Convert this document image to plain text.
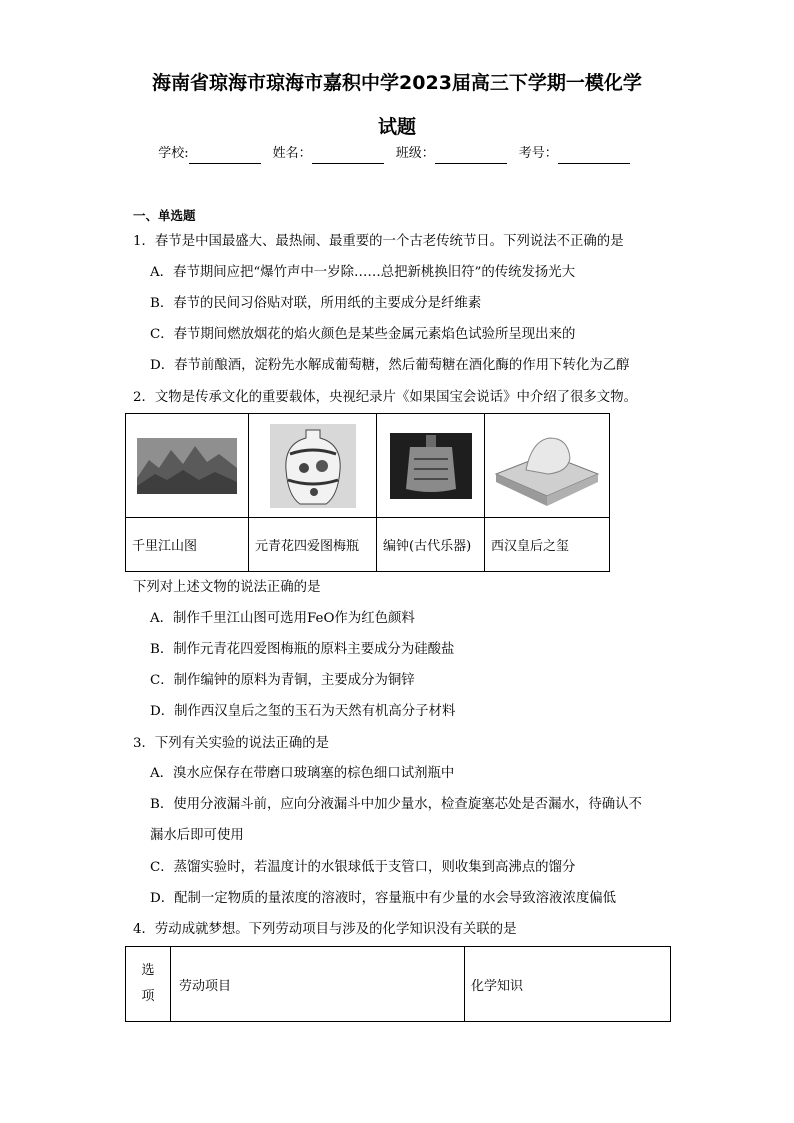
海南省琼海市琼海市嘉积中学2023届高三下学期一模化学
试题
学校:	姓名：	班级：	考号：
一、单选题
1．春节是中国最盛大、最热闹、最重要的一个古老传统节日。下列说法不正确的是
A．春节期间应把“爆竹声中一岁除……总把新桃换旧符”的传统发扬光大
B．春节的民间习俗贴对联，所用纸的主要成分是纤维素
C．春节期间燃放烟花的焰火颜色是某些金属元素焰色试验所呈现出来的
D．春节前酿酒，淀粉先水解成葡萄糖，然后葡萄糖在酒化酶的作用下转化为乙醇
2．文物是传承文化的重要载体，央视纪录片《如果国宝会说话》中介绍了很多文物。

千里江山图	元青花四爱图梅瓶	编钟(古代乐器)	西汉皇后之玺
下列对上述文物的说法正确的是
A．制作千里江山图可选用FeO作为红色颜料
B．制作元青花四爱图梅瓶的原料主要成分为硅酸盐
C．制作编钟的原料为青铜，主要成分为铜锌
D．制作西汉皇后之玺的玉石为天然有机高分子材料
3．下列有关实验的说法正确的是
A．溴水应保存在带磨口玻璃塞的棕色细口试剂瓶中
B．使用分液漏斗前，应向分液漏斗中加少量水，检查旋塞芯处是否漏水，待确认不
漏水后即可使用
C．蒸馏实验时，若温度计的水银球低于支管口，则收集到高沸点的馏分
D．配制一定物质的量浓度的溶液时，容量瓶中有少量的水会导致溶液浓度偏低
4．劳动成就梦想。下列劳动项目与涉及的化学知识没有关联的是
选
项
	劳动项目	化学知识
